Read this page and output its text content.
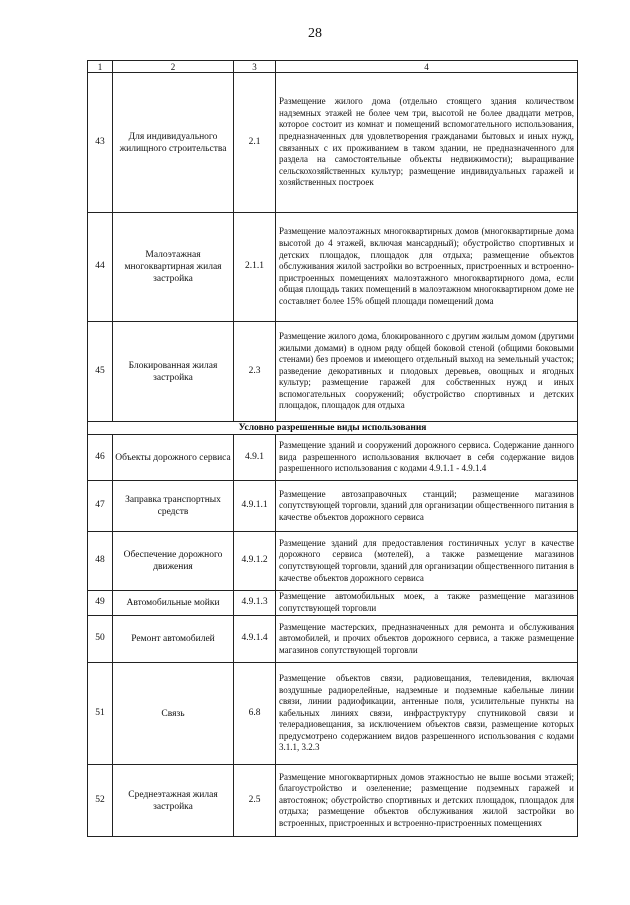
28
1	2	3	4
43	Для индивидуального жилищного строительства	2.1	Размещение жилого дома (отдельно стоящего здания количеством надземных этажей не более чем три, высотой не более двадцати метров, которое состоит из комнат и помещений вспомогательного использования, предназначенных для удовлетворения гражданами бытовых и иных нужд, связанных с их проживанием в таком здании, не предназначенного для раздела на самостоятельные объекты недвижимости); выращивание сельскохозяйственных культур; размещение индивидуальных гаражей и хозяйственных построек
44	Малоэтажная многоквартирная жилая застройка	2.1.1	Размещение малоэтажных многоквартирных домов (многоквартирные дома высотой до 4 этажей, включая мансардный); обустройство спортивных и детских площадок, площадок для отдыха; размещение объектов обслуживания жилой застройки во встроенных, пристроенных и встроенно-пристроенных помещениях малоэтажного многоквартирного дома, если общая площадь таких помещений в малоэтажном многоквартирном доме не составляет более 15% общей площади помещений дома
45	Блокированная жилая застройка	2.3	Размещение жилого дома, блокированного с другим жилым домом (другими жилыми домами) в одном ряду общей боковой стеной (общими боковыми стенами) без проемов и имеющего отдельный выход на земельный участок; разведение декоративных и плодовых деревьев, овощных и ягодных культур; размещение гаражей для собственных нужд и иных вспомогательных сооружений; обустройство спортивных и детских площадок, площадок для отдыха
Условно разрешенные виды использования			
46	Объекты дорожного сервиса	4.9.1	Размещение зданий и сооружений дорожного сервиса. Содержание данного вида разрешенного использования включает в себя содержание видов разрешенного использования с кодами 4.9.1.1 - 4.9.1.4
47	Заправка транспортных средств	4.9.1.1	Размещение автозаправочных станций; размещение магазинов сопутствующей торговли, зданий для организации общественного питания в качестве объектов дорожного сервиса
48	Обеспечение дорожного движения	4.9.1.2	Размещение зданий для предоставления гостиничных услуг в качестве дорожного сервиса (мотелей), а также размещение магазинов сопутствующей торговли, зданий для организации общественного питания в качестве объектов дорожного сервиса
49	Автомобильные мойки	4.9.1.3	Размещение автомобильных моек, а также размещение магазинов сопутствующей торговли
50	Ремонт автомобилей	4.9.1.4	Размещение мастерских, предназначенных для ремонта и обслуживания автомобилей, и прочих объектов дорожного сервиса, а также размещение магазинов сопутствующей торговли
51	Связь	6.8	Размещение объектов связи, радиовещания, телевидения, включая воздушные радиорелейные, надземные и подземные кабельные линии связи, линии радиофикации, антенные поля, усилительные пункты на кабельных линиях связи, инфраструктуру спутниковой связи и телерадиовещания, за исключением объектов связи, размещение которых предусмотрено содержанием видов разрешенного использования с кодами 3.1.1, 3.2.3
52	Среднеэтажная жилая застройка	2.5	Размещение многоквартирных домов этажностью не выше восьми этажей; благоустройство и озеленение; размещение подземных гаражей и автостоянок; обустройство спортивных и детских площадок, площадок для отдыха; размещение объектов обслуживания жилой застройки во встроенных, пристроенных и встроенно-пристроенных помещениях
